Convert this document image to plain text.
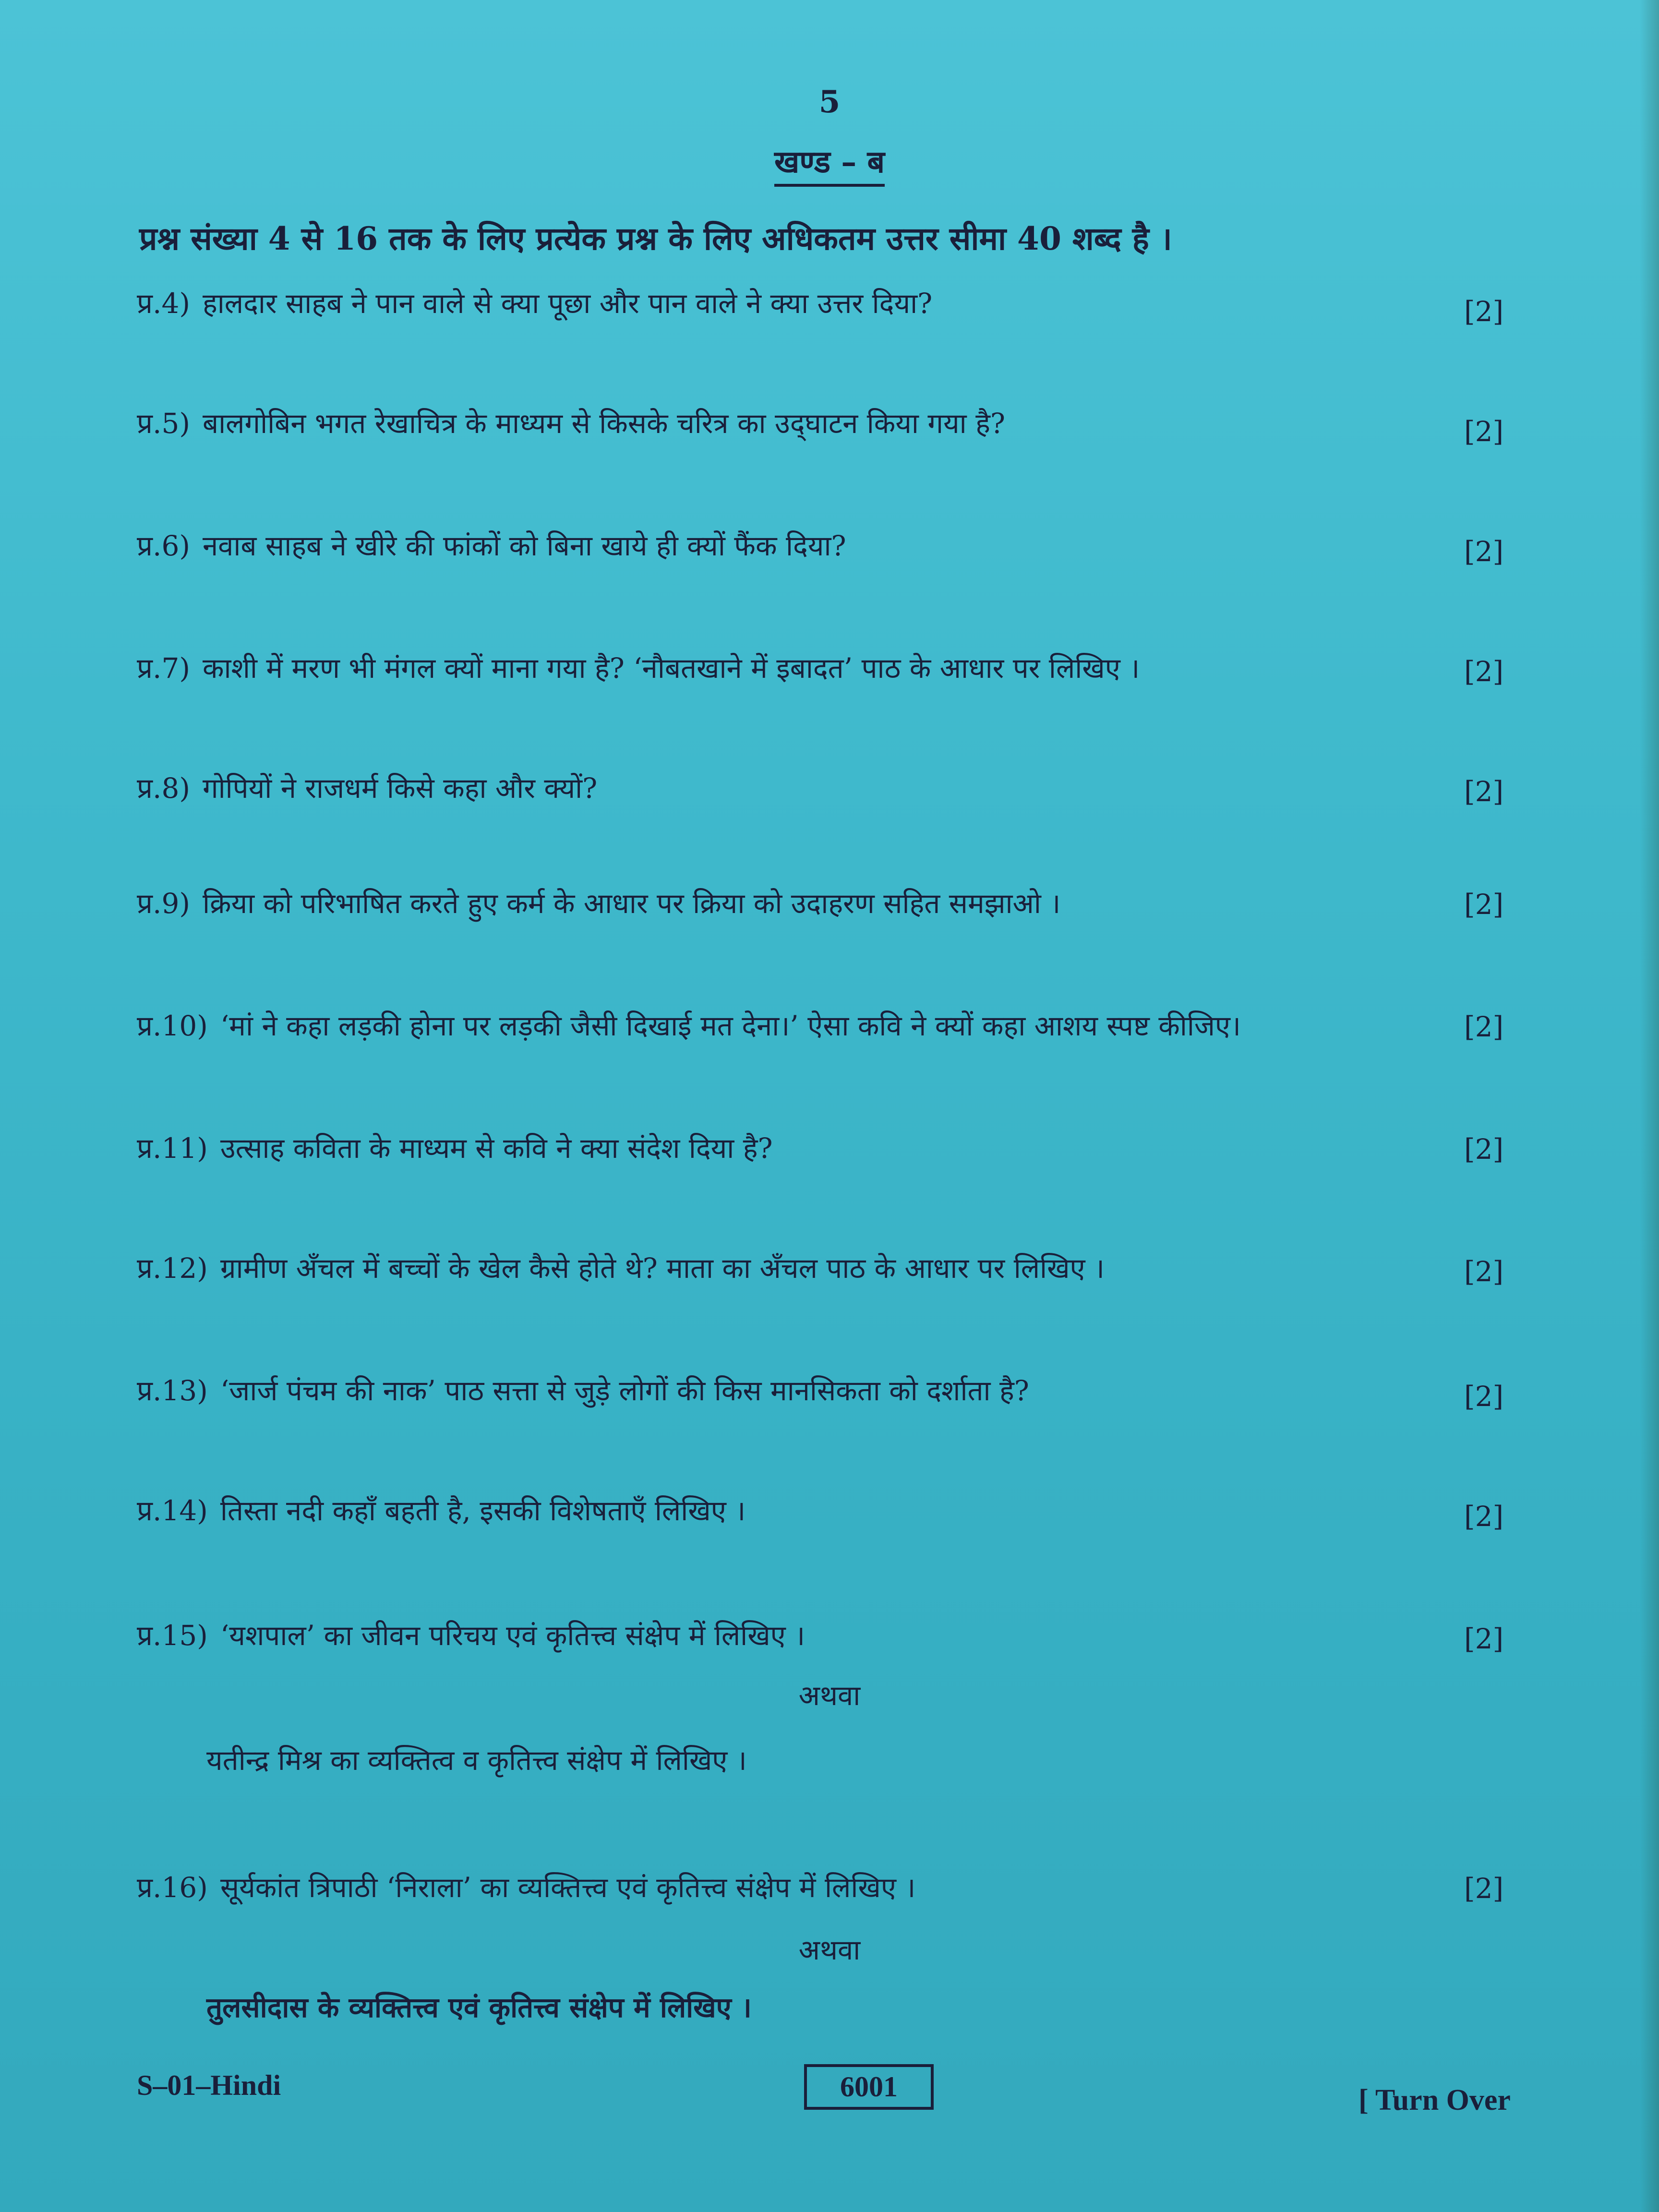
5
खण्ड – ब
प्रश्न संख्या 4 से 16 तक के लिए प्रत्येक प्रश्न के लिए अधिकतम उत्तर सीमा 40 शब्द है ।
प्र.4) हालदार साहब ने पान वाले से क्या पूछा और पान वाले ने क्या उत्तर दिया?	[2]
प्र.5) बालगोबिन भगत रेखाचित्र के माध्यम से किसके चरित्र का उद्‌घाटन किया गया है?	[2]
प्र.6) नवाब साहब ने खीरे की फांकों को बिना खाये ही क्यों फैंक दिया?	[2]
प्र.7) काशी में मरण भी मंगल क्यों माना गया है? ‘नौबतखाने में इबादत’ पाठ के आधार पर लिखिए ।	[2]
प्र.8) गोपियों ने राजधर्म किसे कहा और क्यों?	[2]
प्र.9) क्रिया को परिभाषित करते हुए कर्म के आधार पर क्रिया को उदाहरण सहित समझाओ ।	[2]
प्र.10) ‘मां ने कहा लड़की होना पर लड़की जैसी दिखाई मत देना।’ ऐसा कवि ने क्यों कहा आशय स्पष्ट कीजिए।	[2]
प्र.11) उत्साह कविता के माध्यम से कवि ने क्या संदेश दिया है?	[2]
प्र.12) ग्रामीण अँचल में बच्चों के खेल कैसे होते थे? माता का अँचल पाठ के आधार पर लिखिए ।	[2]
प्र.13) ‘जार्ज पंचम की नाक’ पाठ सत्ता से जुड़े लोगों की किस मानसिकता को दर्शाता है?	[2]
प्र.14) तिस्ता नदी कहाँ बहती है, इसकी विशेषताएँ लिखिए ।	[2]
प्र.15) ‘यशपाल’ का जीवन परिचय एवं कृतित्त्व संक्षेप में लिखिए ।	[2]
अथवा
यतीन्द्र मिश्र का व्यक्तित्व व कृतित्त्व संक्षेप में लिखिए ।
प्र.16) सूर्यकांत त्रिपाठी ‘निराला’ का व्यक्तित्त्व एवं कृतित्त्व संक्षेप में लिखिए ।	[2]
अथवा
तुलसीदास के व्यक्तित्त्व एवं कृतित्त्व संक्षेप में लिखिए ।
S–01–Hindi	6001	[ Turn Over
